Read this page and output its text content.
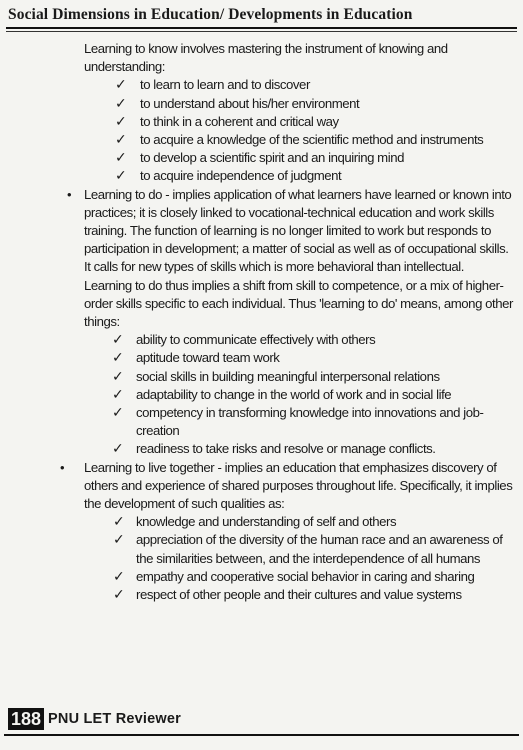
Social Dimensions in Education/ Developments in Education

Learning to know involves mastering the instrument of knowing and understanding:

✓ to learn to learn and to discover
✓ to understand about his/her environment
✓ to think in a coherent and critical way
✓ to acquire a knowledge of the scientific method and instruments
✓ to develop a scientific spirit and an inquiring mind
✓ to acquire independence of judgment

• Learning to do - implies application of what learners have learned or known into practices; it is closely linked to vocational-technical education and work skills training. The function of learning is no longer limited to work but responds to participation in development; a matter of social as well as of occupational skills.

It calls for new types of skills which is more behavioral than intellectual. Learning to do thus implies a shift from skill to competence, or a mix of higher-order skills specific to each individual. Thus 'learning to do' means, among other things:

✓ ability to communicate effectively with others
✓ aptitude toward team work
✓ social skills in building meaningful interpersonal relations
✓ adaptability to change in the world of work and in social life
✓ competency in transforming knowledge into innovations and job-creation
✓ readiness to take risks and resolve or manage conflicts.

• Learning to live together - implies an education that emphasizes discovery of others and experience of shared purposes throughout life. Specifically, it implies the development of such qualities as:

✓ knowledge and understanding of self and others
✓ appreciation of the diversity of the human race and an awareness of the similarities between, and the interdependence of all humans
✓ empathy and cooperative social behavior in caring and sharing
✓ respect of other people and their cultures and value systems
188 PNU LET Reviewer
